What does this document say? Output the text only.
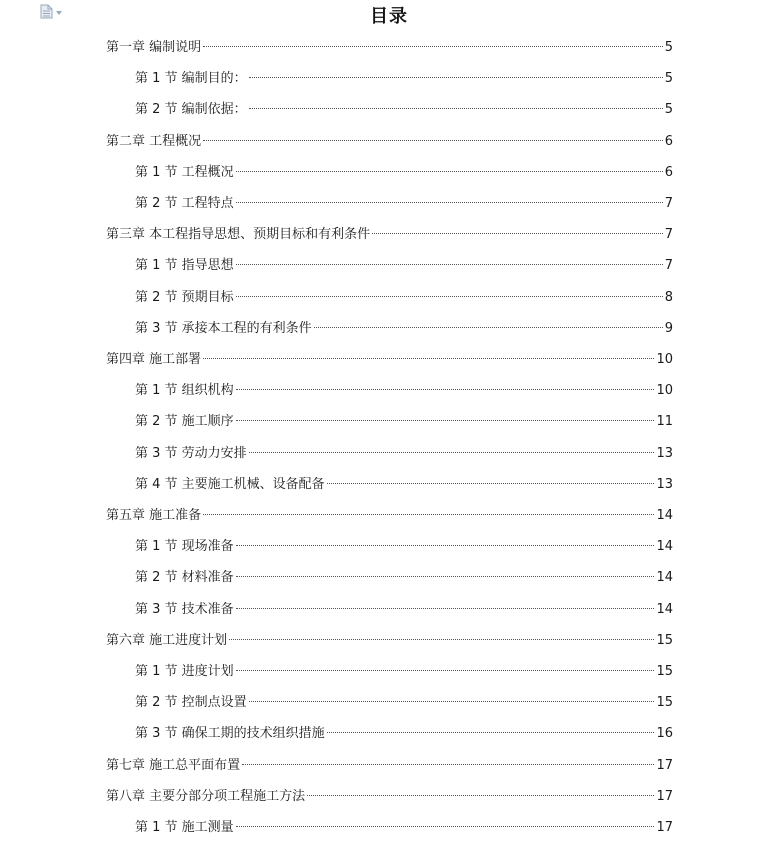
目录
第一章 编制说明	5
第 1 节 编制目的：	5
第 2 节 编制依据：	5
第二章 工程概况	6
第 1 节 工程概况	6
第 2 节 工程特点	7
第三章 本工程指导思想、预期目标和有利条件	7
第 1 节 指导思想	7
第 2 节 预期目标	8
第 3 节 承接本工程的有利条件	9
第四章 施工部署	10
第 1 节 组织机构	10
第 2 节 施工顺序	11
第 3 节 劳动力安排	13
第 4 节 主要施工机械、设备配备	13
第五章 施工准备	14
第 1 节 现场准备	14
第 2 节 材料准备	14
第 3 节 技术准备	14
第六章 施工进度计划	15
第 1 节 进度计划	15
第 2 节 控制点设置	15
第 3 节 确保工期的技术组织措施	16
第七章 施工总平面布置	17
第八章 主要分部分项工程施工方法	17
第 1 节 施工测量	17
